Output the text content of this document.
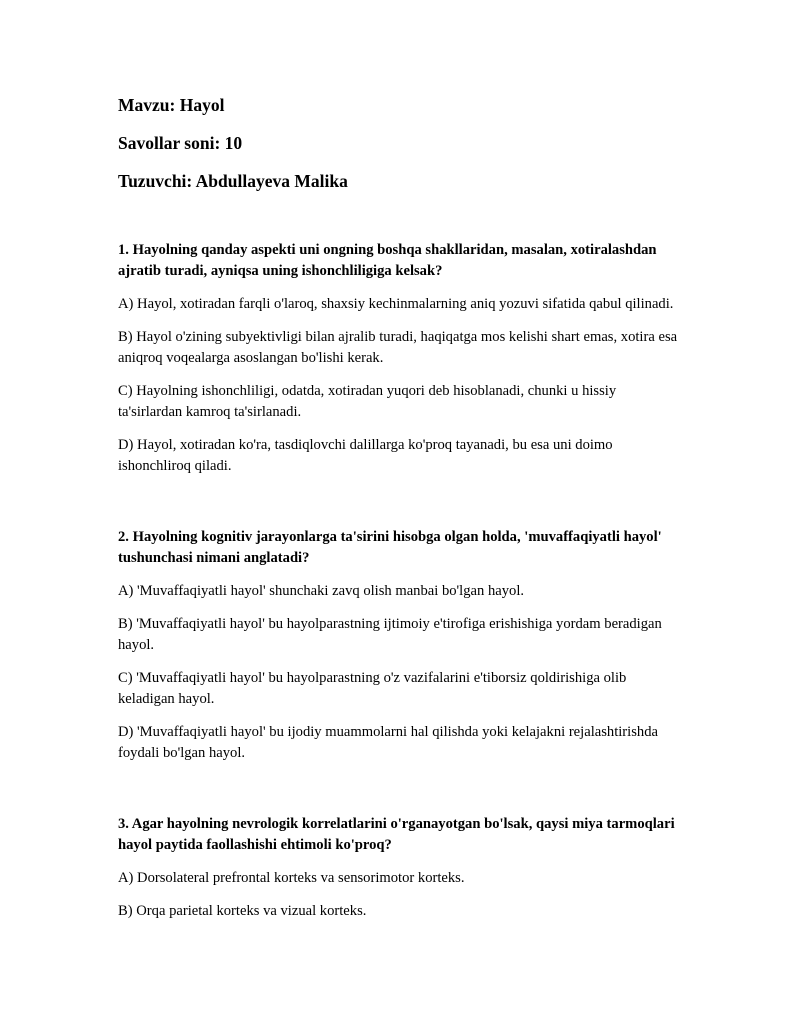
Mavzu: Hayol
Savollar soni: 10
Tuzuvchi: Abdullayeva Malika
1. Hayolning qanday aspekti uni ongning boshqa shakllaridan, masalan, xotiralashdan ajratib turadi, ayniqsa uning ishonchliligiga kelsak?
A) Hayol, xotiradan farqli o'laroq, shaxsiy kechinmalarning aniq yozuvi sifatida qabul qilinadi.
B) Hayol o'zining subyektivligi bilan ajralib turadi, haqiqatga mos kelishi shart emas, xotira esa aniqroq voqealarga asoslangan bo'lishi kerak.
C) Hayolning ishonchliligi, odatda, xotiradan yuqori deb hisoblanadi, chunki u hissiy ta'sirlardan kamroq ta'sirlanadi.
D) Hayol, xotiradan ko'ra, tasdiqlovchi dalillarga ko'proq tayanadi, bu esa uni doimo ishonchliroq qiladi.
2. Hayolning kognitiv jarayonlarga ta'sirini hisobga olgan holda, 'muvaffaqiyatli hayol' tushunchasi nimani anglatadi?
A) 'Muvaffaqiyatli hayol' shunchaki zavq olish manbai bo'lgan hayol.
B) 'Muvaffaqiyatli hayol' bu hayolparastning ijtimoiy e'tirofiga erishishiga yordam beradigan hayol.
C) 'Muvaffaqiyatli hayol' bu hayolparastning o'z vazifalarini e'tiborsiz qoldirishiga olib keladigan hayol.
D) 'Muvaffaqiyatli hayol' bu ijodiy muammolarni hal qilishda yoki kelajakni rejalashtirishda foydali bo'lgan hayol.
3. Agar hayolning nevrologik korrelatlarini o'rganayotgan bo'lsak, qaysi miya tarmoqlari hayol paytida faollashishi ehtimoli ko'proq?
A) Dorsolateral prefrontal korteks va sensorimotor korteks.
B) Orqa parietal korteks va vizual korteks.
